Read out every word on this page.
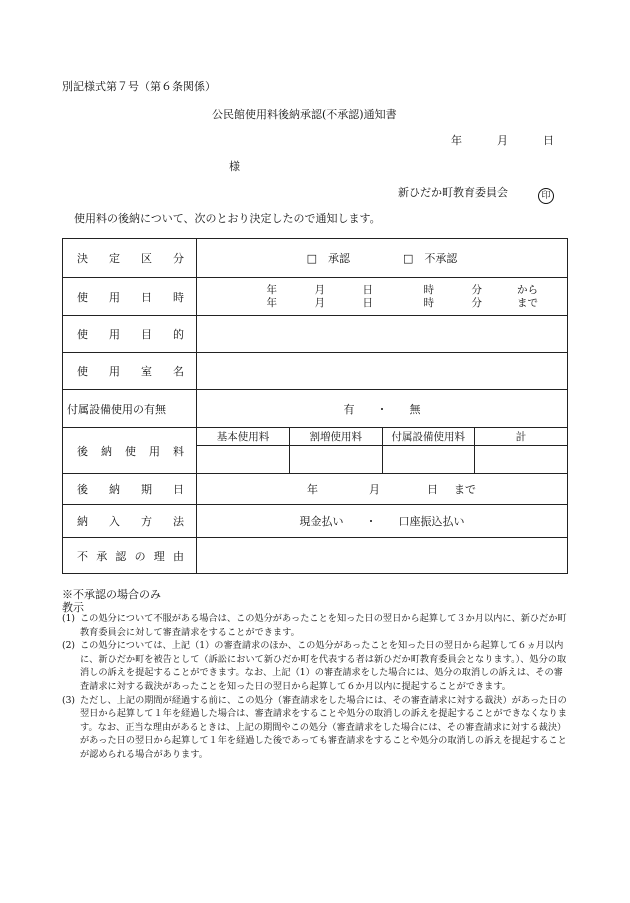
別記様式第７号（第６条関係）
公民館使用料後納承認(不承認)通知書
年	月	日
様
新ひだか町教育委員会	印
使用料の後納について、次のとおり決定したので通知します。
決 定 区 分	□　承認	□　不承認

使 用 日 時

年	月	日	時	分	から
年	月	日	時	分	まで

使 用 目 的

使 用 室 名

付属設備使用の有無	有　　・　　無

後 納 使 用 料

基本使用料	割増使用料	付属設備使用料	計

後 納 期 日	年	月	日	まで

納 入 方 法	現金払い　　・　　口座振込払い

不 承 認 の 理 由

※不承認の場合のみ
教示
(1) この処分について不服がある場合は、この処分があったことを知った日の翌日から起算して３か月以内に、新ひだか町教育委員会に対して審査請求をすることができます。
(2) この処分については、上記（1）の審査請求のほか、この処分があったことを知った日の翌日から起算して６ヵ月以内に、新ひだか町を被告として（訴訟において新ひだか町を代表する者は新ひだか町教育委員会となります。）、処分の取消しの訴えを提起することができます。なお、上記（1）の審査請求をした場合には、処分の取消しの訴えは、その審査請求に対する裁決があったことを知った日の翌日から起算して６か月以内に提起することができます。
(3) ただし、上記の期間が経過する前に、この処分（審査請求をした場合には、その審査請求に対する裁決）があった日の翌日から起算して１年を経過した場合は、審査請求をすることや処分の取消しの訴えを提起することができなくなります。なお、正当な理由があるときは、上記の期間やこの処分（審査請求をした場合には、その審査請求に対する裁決）があった日の翌日から起算して１年を経過した後であっても審査請求をすることや処分の取消しの訴えを提起することが認められる場合があります。
